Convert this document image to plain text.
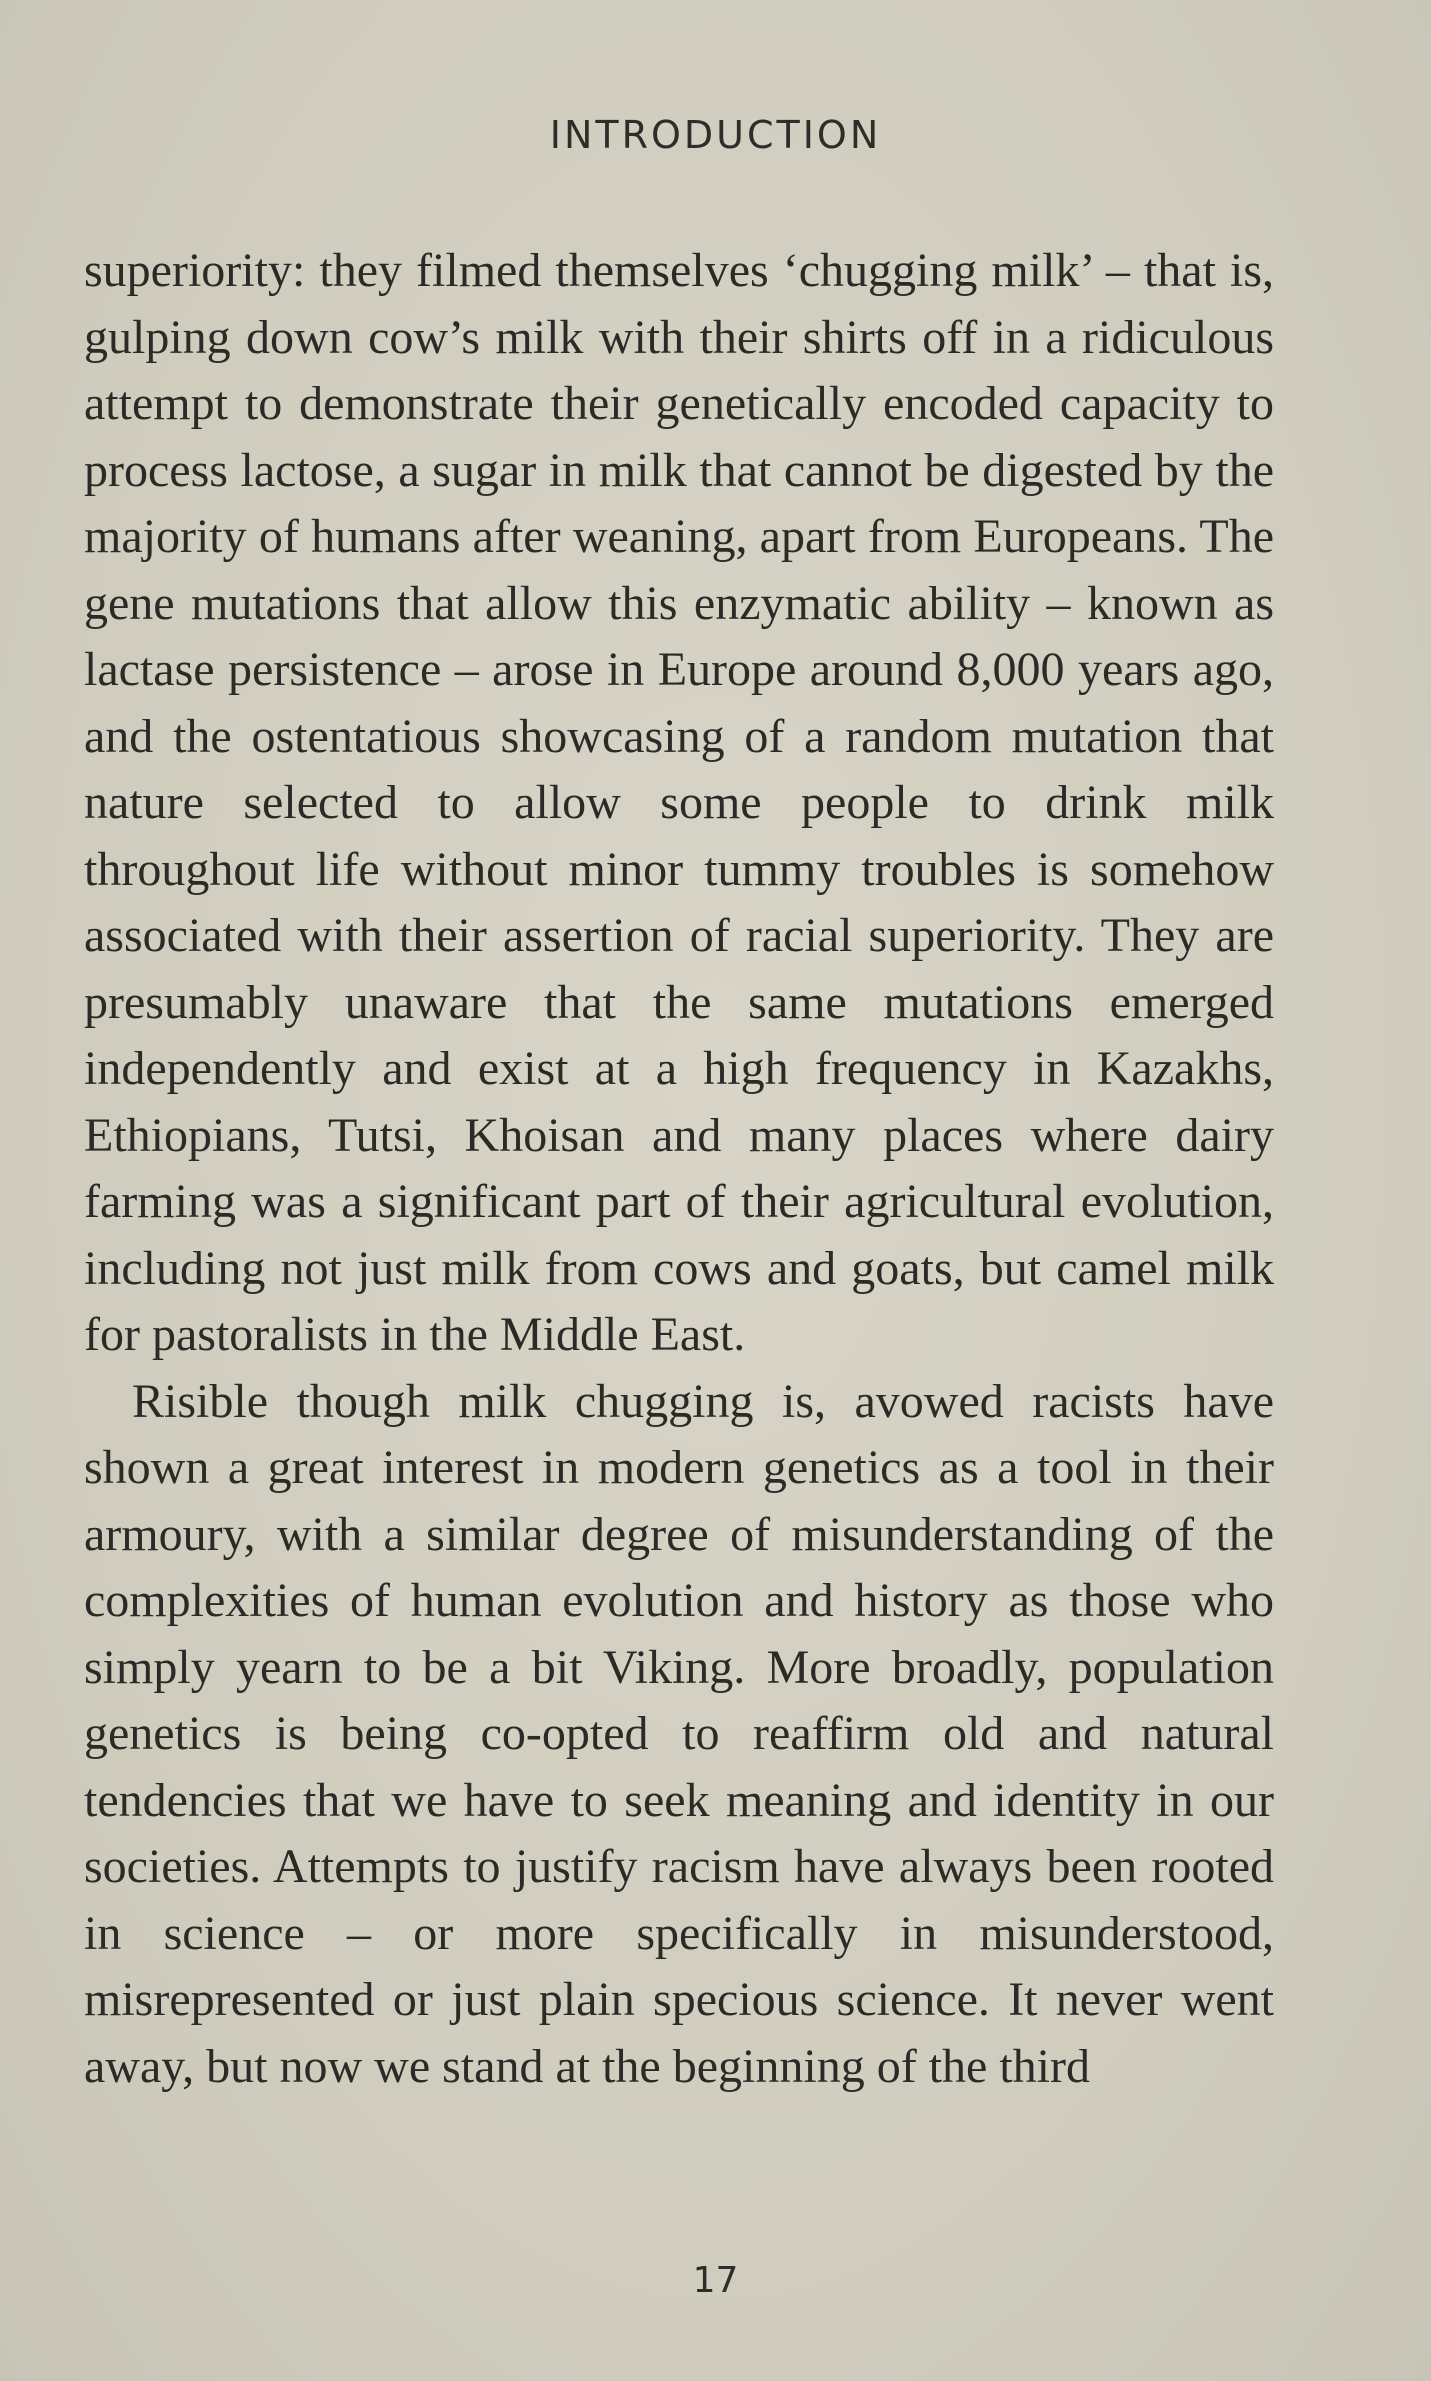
INTRODUCTION

superiority: they filmed themselves ‘chugging milk’ – that is, gulping down cow’s milk with their shirts off in a ridiculous attempt to demonstrate their genetically encoded capacity to process lactose, a sugar in milk that cannot be digested by the majority of humans after weaning, apart from Europeans. The gene mutations that allow this enzymatic ability – known as lactase persistence – arose in Europe around 8,000 years ago, and the ostentatious showcasing of a random mutation that nature selected to allow some people to drink milk throughout life without minor tummy troubles is somehow associated with their assertion of racial superiority. They are presumably unaware that the same mutations emerged independently and exist at a high frequency in Kazakhs, Ethiopians, Tutsi, Khoisan and many places where dairy farming was a significant part of their agricultural evolution, including not just milk from cows and goats, but camel milk for pastoralists in the Middle East.

Risible though milk chugging is, avowed racists have shown a great interest in modern genetics as a tool in their armoury, with a similar degree of misunderstanding of the complexities of human evolution and history as those who simply yearn to be a bit Viking. More broadly, population genetics is being co-opted to reaffirm old and natural tendencies that we have to seek meaning and identity in our societies. Attempts to justify racism have always been rooted in science – or more specifically in misunderstood, misrepresented or just plain specious science. It never went away, but now we stand at the beginning of the third

17
